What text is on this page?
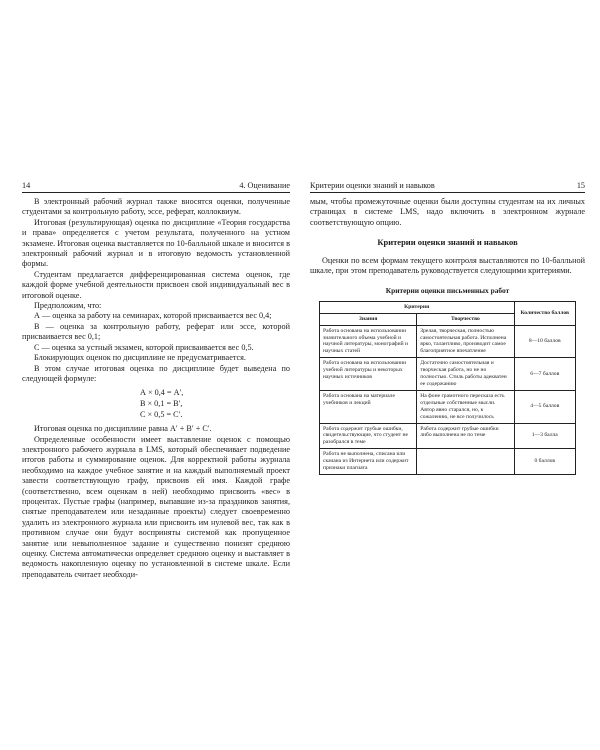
14	4. Оценивание

В электронный рабочий журнал также вносятся оценки, полученные студентами за контрольную работу, эссе, реферат, коллоквиум.

Итоговая (результирующая) оценка по дисциплине «Теория государства и права» определяется с учетом результата, полученного на устном экзамене. Итоговая оценка выставляется по 10-балльной шкале и вносится в электронный рабочий журнал и в итоговую ведомость установленной формы.

Студентам предлагается дифференцированная система оценок, где каждой форме учебной деятельности присвоен свой индивидуальный вес в итоговой оценке.

Предположим, что:

А — оценка за работу на семинарах, которой присваивается вес 0,4;

В — оценка за контрольную работу, реферат или эссе, которой присваивается вес 0,1;

С — оценка за устный экзамен, которой присваивается вес 0,5.

Блокирующих оценок по дисциплине не предусматривается.

В этом случае итоговая оценка по дисциплине будет выведена по следующей формуле:

А × 0,4 = А′,
В × 0,1 = В′,
С × 0,5 = С′.

Итоговая оценка по дисциплине равна А′ + В′ + С′.

Определенные особенности имеет выставление оценок с помощью электронного рабочего журнала в LMS, который обеспечивает подведение итогов работы и суммирование оценок. Для корректной работы журнала необходимо на каждое учебное занятие и на каждый выполняемый проект завести соответствующую графу, присвоив ей имя. Каждой графе (соответственно, всем оценкам в ней) необходимо присвоить «вес» в процентах. Пустые графы (например, выпавшие из-за праздников занятия, снятые преподавателем или незаданные проекты) следует своевременно удалить из электронного журнала или присвоить им нулевой вес, так как в противном случае они будут восприняты системой как пропущенное занятие или невыполненное задание и существенно понизят среднюю оценку. Система автоматически определяет среднюю оценку и выставляет в ведомость накопленную оценку по установленной в системе шкале. Если преподаватель считает необходи-

Критерии оценки знаний и навыков	15

мым, чтобы промежуточные оценки были доступны студентам на их личных страницах в системе LMS, надо включить в электронном журнале соответствующую опцию.

Критерии оценки знаний и навыков

Оценки по всем формам текущего контроля выставляются по 10-балльной шкале, при этом преподаватель руководствуется следующими критериями.

Критерии оценки письменных работ
Критерии		Количество баллов
Знания	Творчество	
Работа основана на использовании значительного объема учебной и научной литературы, монографий и научных статей	Зрелая, творческая, полностью самостоятельная работа. Исполнена ярко, талантливо, производит самое благоприятное впечатление	8—10 баллов
Работа основана на использовании учебной литературы и некоторых научных источников	Достаточно самостоятельная и творческая работа, но не но полностью. Стиль работы адекватен ее содержанию	6—7 баллов
Работа основана на материале учебников и лекций	На фоне грамотного пересказа есть отдельные собственные мысли. Автор явно старался, но, к сожалению, не все получилось	4—5 баллов
Работа содержит грубые ошибки, свидетельствующие, что студент не разобрался в теме	Работа содержит грубые ошибки либо выполнена не по теме	1—3 балла
Работа не выполнена, списана или скачана из Интернета или содержит признаки плагиата		0 баллов
